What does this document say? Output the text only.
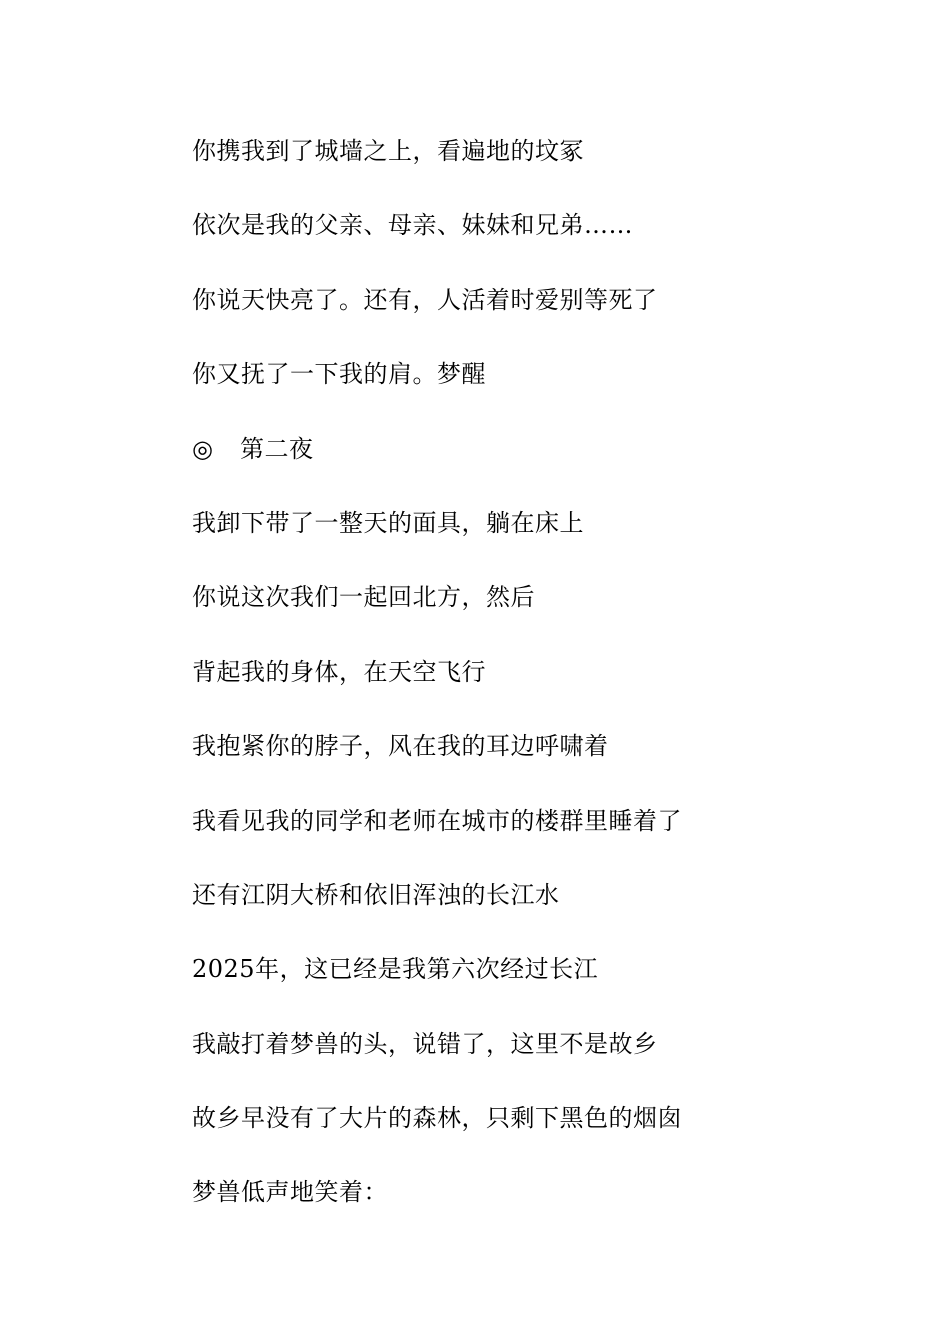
你携我到了城墙之上，看遍地的坟冢
依次是我的父亲、母亲、妹妹和兄弟……
你说天快亮了。还有，人活着时爱别等死了
你又抚了一下我的肩。梦醒
◎ 第二夜
我卸下带了一整天的面具，躺在床上
你说这次我们一起回北方，然后
背起我的身体，在天空飞行
我抱紧你的脖子，风在我的耳边呼啸着
我看见我的同学和老师在城市的楼群里睡着了
还有江阴大桥和依旧浑浊的长江水
2025年，这已经是我第六次经过长江
我敲打着梦兽的头，说错了，这里不是故乡
故乡早没有了大片的森林，只剩下黑色的烟囱
梦兽低声地笑着：
